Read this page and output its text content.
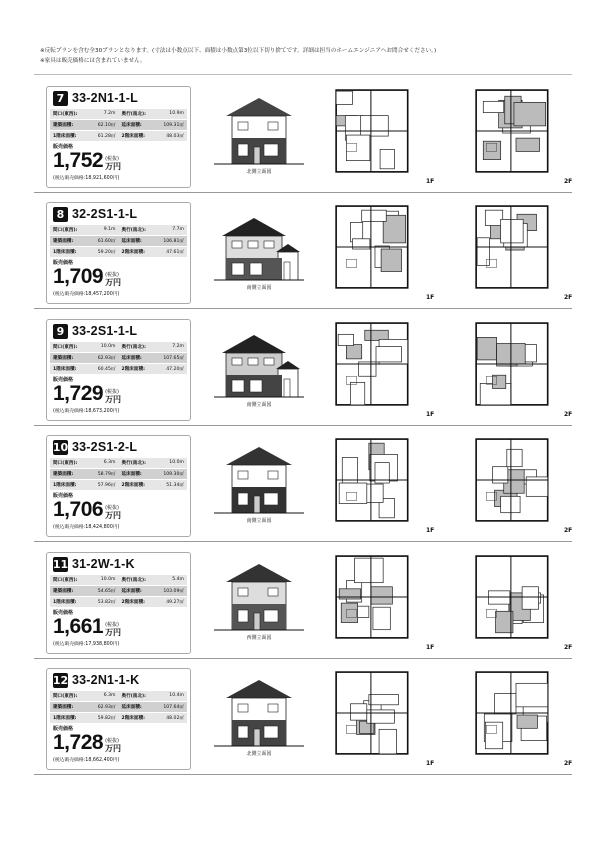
※反転プランを含む全30プランとなります。(寸法は小数点以下、面積は小数点第3位以下切り捨てです。詳細は担当のホームエンジニアへお問合せください。)
※家具は販売価格には含まれていません。
7 33-2N1-1-L
間口(東西):	7.2m 奥行(南北):	10.9m
建築面積:	62.10㎡ 延床面積:	109.31㎡
1階床面積:	61.28㎡ 2階床面積:	48.03㎡
販売価格
1,752 (税抜)
万円
(税込販売価格:18,921,600円)
北側立面図
1F	2F
8 32-2S1-1-L
間口(東西):	9.1m 奥行(南北):	7.7m
建築面積:	61.60㎡ 延床面積:	106.81㎡
1階床面積:	59.20㎡ 2階床面積:	47.61㎡
販売価格
1,709 (税抜)
万円
(税込販売価格:18,457,200円)
南側立面図
1F	2F
9 33-2S1-1-L
間口(東西):	10.0m 奥行(南北):	7.2m
建築面積:	62.93㎡ 延床面積:	107.65㎡
1階床面積:	60.45㎡ 2階床面積:	47.20㎡
販売価格
1,729 (税抜)
万円
(税込販売価格:18,673,200円)
南側立面図
1F	2F
10 33-2S1-2-L
間口(東西):	6.3m 奥行(南北):	10.0m
建築面積:	58.79㎡ 延床面積:	109.30㎡
1階床面積:	57.96㎡ 2階床面積:	51.34㎡
販売価格
1,706 (税抜)
万円
(税込販売価格:18,424,800円)
南側立面図
1F	2F
11 31-2W-1-K
間口(東西):	10.0m 奥行(南北):	5.4m
建築面積:	54.65㎡ 延床面積:	103.09㎡
1階床面積:	53.82㎡ 2階床面積:	49.27㎡
販売価格
1,661 (税抜)
万円
(税込販売価格:17,938,800円)
西側立面図
1F	2F
12 33-2N1-1-K
間口(東西):	6.3m 奥行(南北):	10.4m
建築面積:	62.93㎡ 延床面積:	107.64㎡
1階床面積:	59.82㎡ 2階床面積:	48.02㎡
販売価格
1,728 (税抜)
万円
(税込販売価格:18,662,400円)
北側立面図
1F	2F
